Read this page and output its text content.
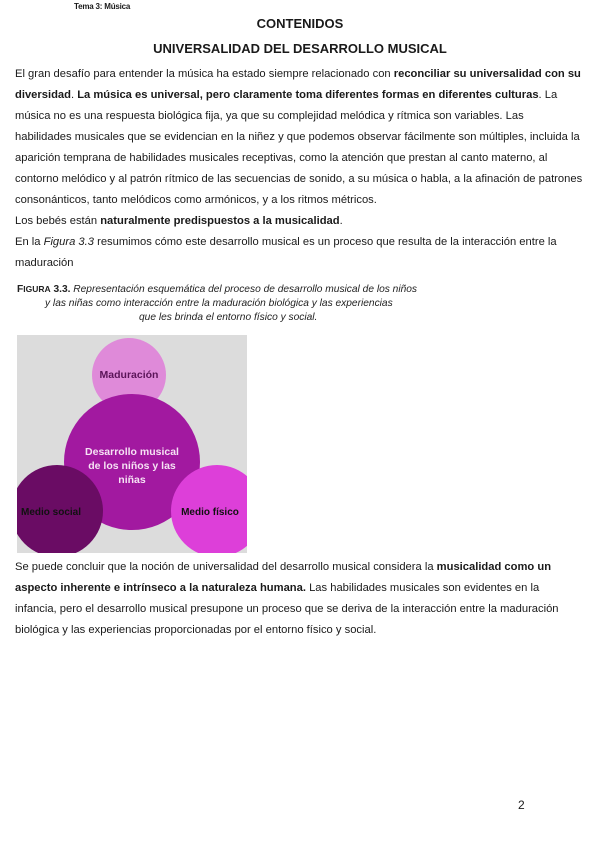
Tema 3: Música
CONTENIDOS
UNIVERSALIDAD DEL DESARROLLO MUSICAL

El gran desafío para entender la música ha estado siempre relacionado con reconciliar su universalidad con su diversidad. La música es universal, pero claramente toma diferentes formas en diferentes culturas. La música no es una respuesta biológica fija, ya que su complejidad melódica y rítmica son variables. Las habilidades musicales que se evidencian en la niñez y que podemos observar fácilmente son múltiples, incluida la aparición temprana de habilidades musicales receptivas, como la atención que prestan al canto materno, al contorno melódico y al patrón rítmico de las secuencias de sonido, a su música o habla, a la afinación de patrones consonánticos, tanto melódicos como armónicos, y a los ritmos métricos.

Los bebés están naturalmente predispuestos a la musicalidad.

En la Figura 3.3 resumimos cómo este desarrollo musical es un proceso que resulta de la interacción entre la maduración

FIGURA 3.3. Representación esquemática del proceso de desarrollo musical de los niños
y las niñas como interacción entre la maduración biológica y las experiencias
que les brinda el entorno físico y social.
Maduración
Desarrollo musical
de los niños y las
niñas
Medio social	Medio físico

Se puede concluir que la noción de universalidad del desarrollo musical considera la musicalidad como un aspecto inherente e intrínseco a la naturaleza humana. Las habilidades musicales son evidentes en la infancia, pero el desarrollo musical presupone un proceso que se deriva de la interacción entre la maduración biológica y las experiencias proporcionadas por el entorno físico y social.

2
